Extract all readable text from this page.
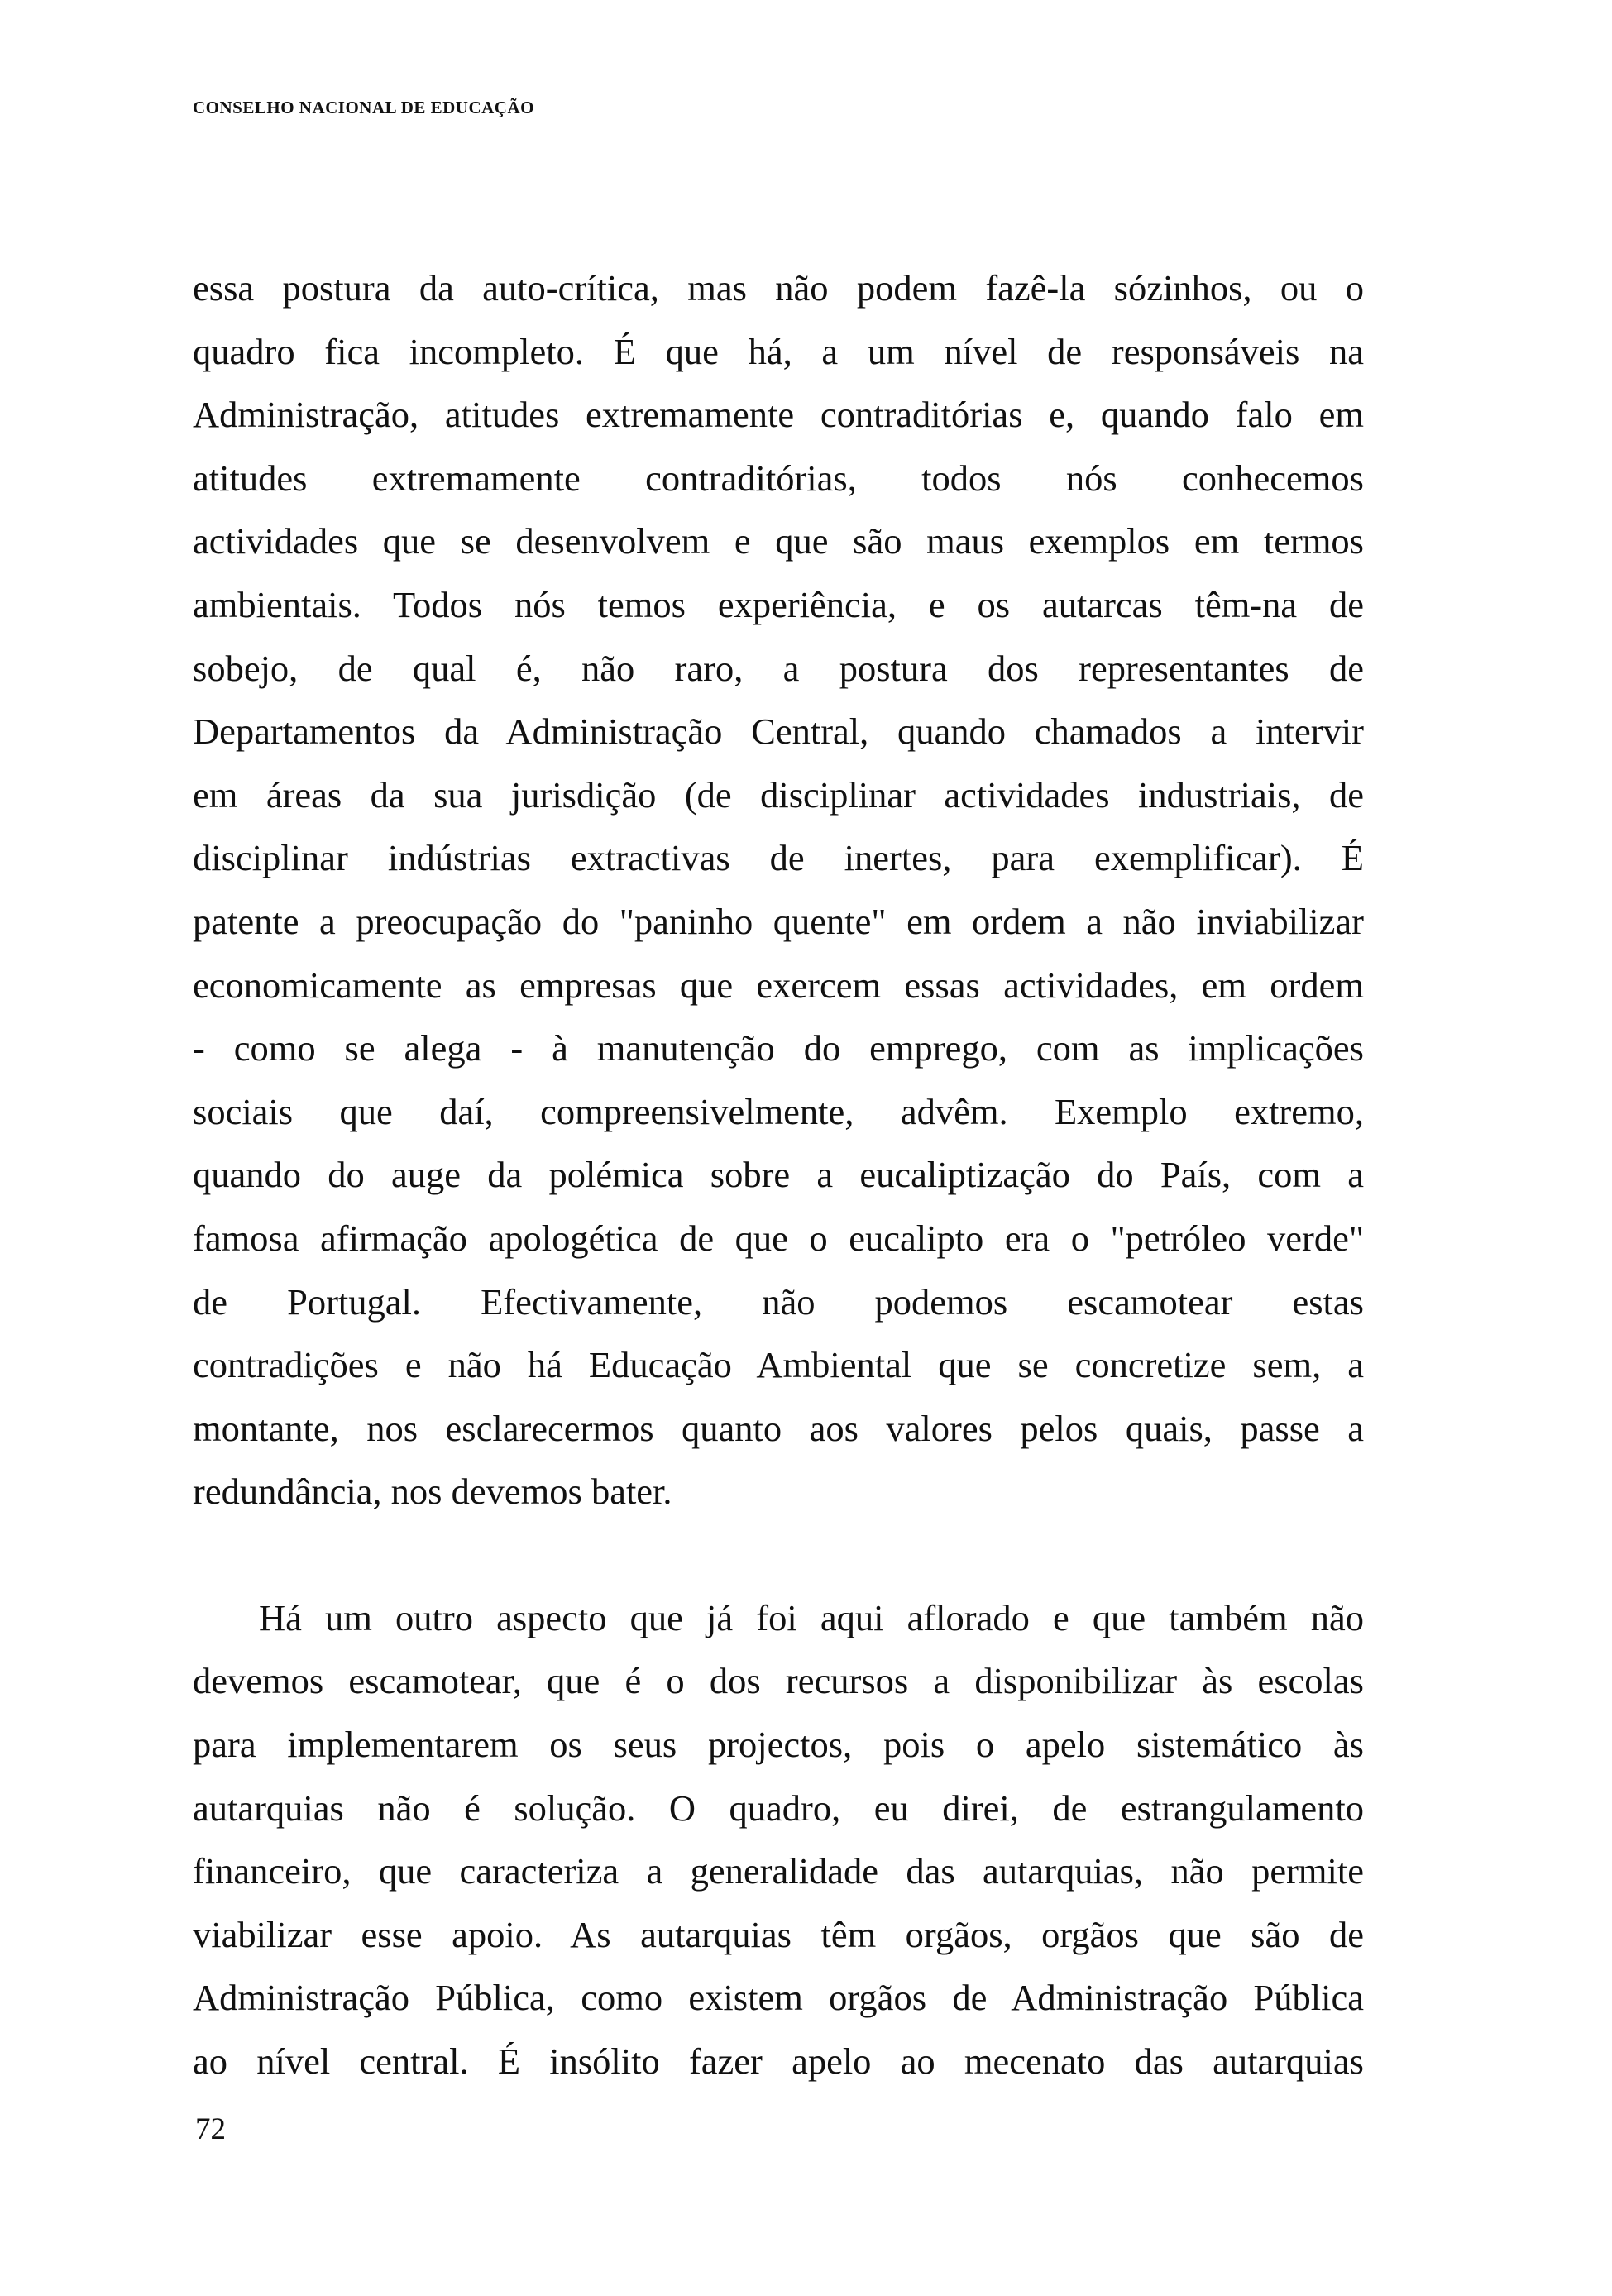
CONSELHO NACIONAL DE EDUCAÇÃO

essa postura da auto-crítica, mas não podem fazê-la sózinhos, ou o
quadro fica incompleto. É que há, a um nível de responsáveis na
Administração, atitudes extremamente contraditórias e, quando falo em
atitudes extremamente contraditórias, todos nós conhecemos
actividades que se desenvolvem e que são maus exemplos em termos
ambientais. Todos nós temos experiência, e os autarcas têm-na de
sobejo, de qual é, não raro, a postura dos representantes de
Departamentos da Administração Central, quando chamados a intervir
em áreas da sua jurisdição (de disciplinar actividades industriais, de
disciplinar indústrias extractivas de inertes, para exemplificar). É
patente a preocupação do "paninho quente" em ordem a não inviabilizar
economicamente as empresas que exercem essas actividades, em ordem
- como se alega - à manutenção do emprego, com as implicações
sociais que daí, compreensivelmente, advêm. Exemplo extremo,
quando do auge da polémica sobre a eucaliptização do País, com a
famosa afirmação apologética de que o eucalipto era o "petróleo verde"
de Portugal. Efectivamente, não podemos escamotear estas
contradições e não há Educação Ambiental que se concretize sem, a
montante, nos esclarecermos quanto aos valores pelos quais, passe a
redundância, nos devemos bater.

Há um outro aspecto que já foi aqui aflorado e que também não
devemos escamotear, que é o dos recursos a disponibilizar às escolas
para implementarem os seus projectos, pois o apelo sistemático às
autarquias não é solução. O quadro, eu direi, de estrangulamento
financeiro, que caracteriza a generalidade das autarquias, não permite
viabilizar esse apoio. As autarquias têm orgãos, orgãos que são de
Administração Pública, como existem orgãos de Administração Pública
ao nível central. É insólito fazer apelo ao mecenato das autarquias

72
